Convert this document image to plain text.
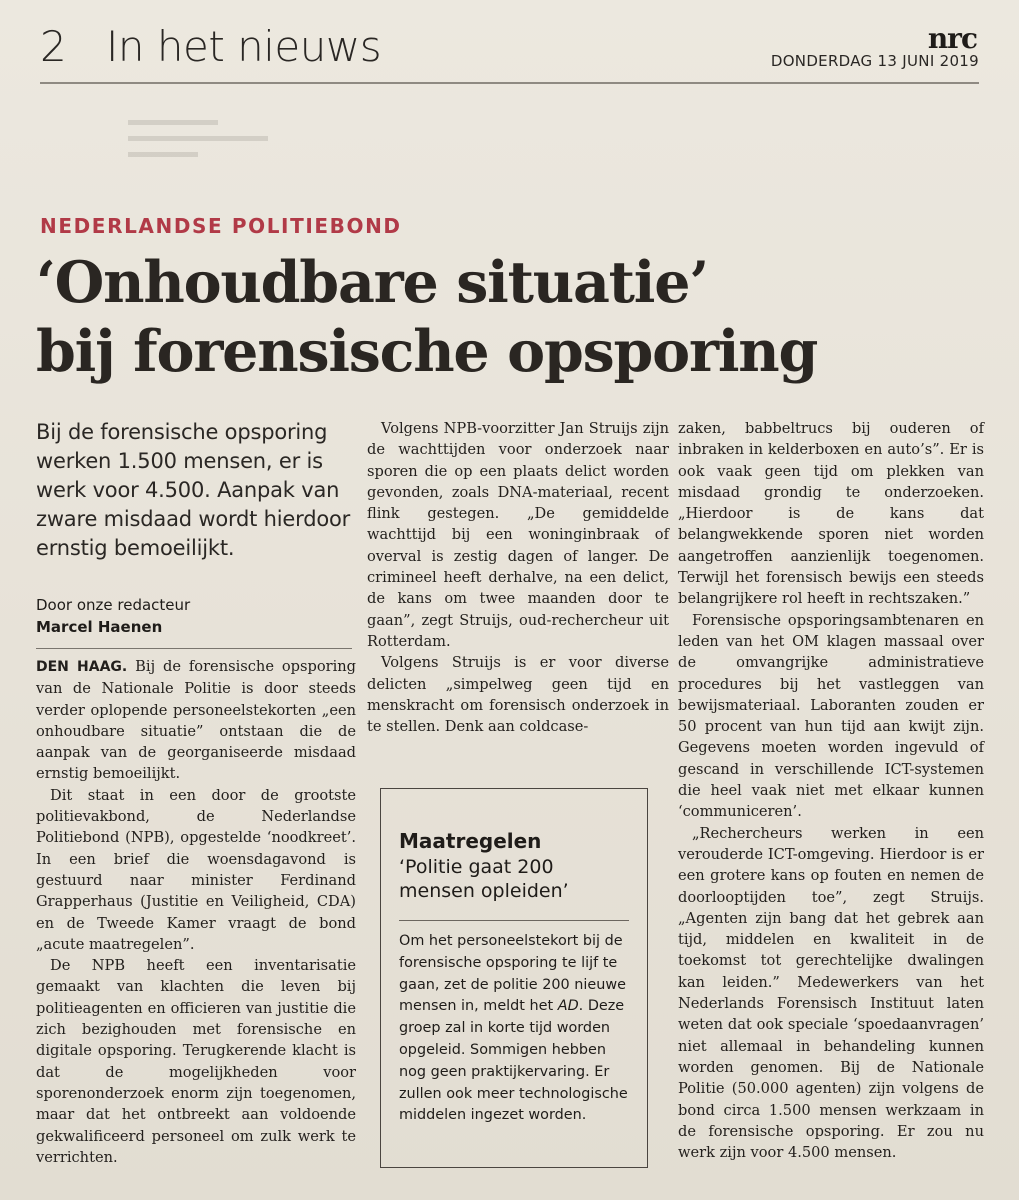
2 In het nieuws	nrc
DONDERDAG 13 JUNI 2019
NEDERLANDSE POLITIEBOND
‘Onhoudbare situatie’
bij forensische opsporing
Bij de forensische opsporing werken 1.500 mensen, er is werk voor 4.500. Aanpak van zware misdaad wordt hierdoor ernstig bemoeilijkt.
Door onze redacteur
Marcel Haenen

DEN HAAG. Bij de forensische opsporing van de Nationale Politie is door steeds verder oplopende personeelstekorten „een onhoudbare situatie” ontstaan die de aanpak van de georganiseerde misdaad ernstig bemoeilijkt.

Dit staat in een door de grootste politievakbond, de Nederlandse Politiebond (NPB), opgestelde ‘noodkreet’. In een brief die woensdagavond is gestuurd naar minister Ferdinand Grapperhaus (Justitie en Veiligheid, CDA) en de Tweede Kamer vraagt de bond „acute maatregelen”.

De NPB heeft een inventarisatie gemaakt van klachten die leven bij politieagenten en officieren van justitie die zich bezighouden met forensische en digitale opsporing. Terugkerende klacht is dat de mogelijkheden voor sporenonderzoek enorm zijn toegenomen, maar dat het ontbreekt aan voldoende gekwalificeerd personeel om zulk werk te verrichten.

Volgens NPB-voorzitter Jan Struijs zijn de wachttijden voor onderzoek naar sporen die op een plaats delict worden gevonden, zoals DNA-materiaal, recent flink gestegen. „De gemiddelde wachttijd bij een woninginbraak of overval is zestig dagen of langer. De crimineel heeft derhalve, na een delict, de kans om twee maanden door te gaan”, zegt Struijs, oud-rechercheur uit Rotterdam.

Volgens Struijs is er voor diverse delicten „simpelweg geen tijd en menskracht om forensisch onderzoek in te stellen. Denk aan coldcase-

Maatregelen
‘Politie gaat 200 mensen opleiden’
Om het personeelstekort bij de forensische opsporing te lijf te gaan, zet de politie 200 nieuwe mensen in, meldt het AD. Deze groep zal in korte tijd worden opgeleid. Sommigen hebben nog geen praktijkervaring. Er zullen ook meer technologische middelen ingezet worden.

zaken, babbeltrucs bij ouderen of inbraken in kelderboxen en auto’s”. Er is ook vaak geen tijd om plekken van misdaad grondig te onderzoeken. „Hierdoor is de kans dat belangwekkende sporen niet worden aangetroffen aanzienlijk toegenomen. Terwijl het forensisch bewijs een steeds belangrijkere rol heeft in rechtszaken.”

Forensische opsporingsambtenaren en leden van het OM klagen massaal over de omvangrijke administratieve procedures bij het vastleggen van bewijsmateriaal. Laboranten zouden er 50 procent van hun tijd aan kwijt zijn. Gegevens moeten worden ingevuld of gescand in verschillende ICT-systemen die heel vaak niet met elkaar kunnen ‘communiceren’.

„Rechercheurs werken in een verouderde ICT-omgeving. Hierdoor is er een grotere kans op fouten en nemen de doorlooptijden toe”, zegt Struijs. „Agenten zijn bang dat het gebrek aan tijd, middelen en kwaliteit in de toekomst tot gerechtelijke dwalingen kan leiden.” Medewerkers van het Nederlands Forensisch Instituut laten weten dat ook speciale ‘spoedaanvragen’ niet allemaal in behandeling kunnen worden genomen. Bij de Nationale Politie (50.000 agenten) zijn volgens de bond circa 1.500 mensen werkzaam in de forensische opsporing. Er zou nu werk zijn voor 4.500 mensen.
